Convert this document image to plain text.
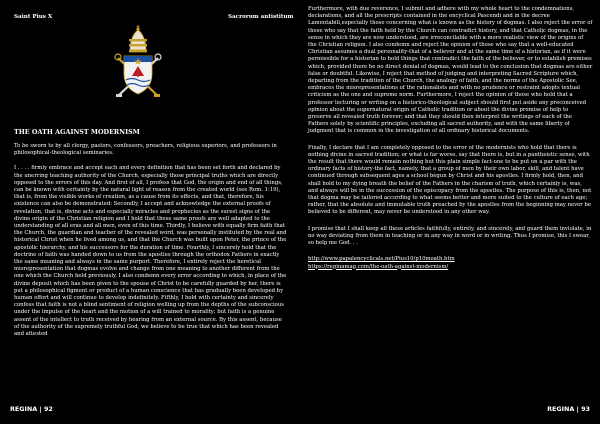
Saint Pius X	Sacrorum antistitum
THE OATH AGAINST MODERNISM

To be sworn to by all clergy, pastors, confessors, preachers, religious superiors, and professors in philosophical-theological seminaries.

I . . . . firmly embrace and accept each and every definition that has been set forth and declared by the unerring teaching authority of the Church, especially those principal truths which are directly opposed to the errors of this day. And first of all, I profess that God, the origin and end of all things, can be known with certainty by the natural light of reason from the created world (see Rom. 1:19), that is, from the visible works of creation, as a cause from its effects, and that, therefore, his existence can also be demonstrated: Secondly, I accept and acknowledge the external proofs of revelation, that is, divine acts and especially miracles and prophecies as the surest signs of the divine origin of the Christian religion and I hold that these same proofs are well adapted to the understanding of all eras and all men, even of this time. Thirdly, I believe with equally firm faith that the Church, the guardian and teacher of the revealed word, was personally instituted by the real and historical Christ when he lived among us, and that the Church was built upon Peter, the prince of the apostolic hierarchy, and his successors for the duration of time. Fourthly, I sincerely hold that the doctrine of faith was handed down to us from the apostles through the orthodox Fathers in exactly the same meaning and always in the same purport. Therefore, I entirely reject the heretical misrepresentation that dogmas evolve and change from one meaning to another different from the one which the Church held previously. I also condemn every error according to which, in place of the divine deposit which has been given to the spouse of Christ to be carefully guarded by her, there is put a philosophical figment or product of a human conscience that has gradually been developed by human effort and will continue to develop indefinitely. Fifthly, I hold with certainty and sincerely confess that faith is not a blind sentiment of religion welling up from the depths of the subconscious under the impulse of the heart and the motion of a will trained to morality; but faith is a genuine assent of the intellect to truth received by hearing from an external source. By this assent, because of the authority of the supremely truthful God, we believe to be true that which has been revealed and attested

REGINA | 92

Furthermore, with due reverence, I submit and adhere with my whole heart to the condemnations, declarations, and all the prescripts contained in the encyclical Pascendi and in the decree Lamentabili,especially those concerning what is known as the history of dogmas. I also reject the error of those who say that the faith held by the Church can contradict history, and that Catholic dogmas, in the sense in which they are now understood, are irreconcilable with a more realistic view of the origins of the Christian religion. I also condemn and reject the opinion of those who say that a well-educated Christian assumes a dual personality-that of a believer and at the same time of a historian, as if it were permissible for a historian to hold things that contradict the faith of the believer, or to establish premises which, provided there be no direct denial of dogmas, would lead to the conclusion that dogmas are either false or doubtful. Likewise, I reject that method of judging and interpreting Sacred Scripture which, departing from the tradition of the Church, the analogy of faith, and the norms of the Apostolic See, embraces the misrepresentations of the rationalists and with no prudence or restraint adopts textual criticism as the one and supreme norm. Furthermore, I reject the opinion of those who hold that a professor lecturing or writing on a historico-theological subject should first put aside any preconceived opinion about the supernatural origin of Catholic tradition or about the divine promise of help to preserve all revealed truth forever; and that they should then interpret the writings of each of the Fathers solely by scientific principles, excluding all sacred authority, and with the same liberty of judgment that is common in the investigation of all ordinary historical documents.

Finally, I declare that I am completely opposed to the error of the modernists who hold that there is nothing divine in sacred tradition; or what is far worse, say that there is, but in a pantheistic sense, with the result that there would remain nothing but this plain simple fact-one to be put on a par with the ordinary facts of history-the fact, namely, that a group of men by their own labor, skill, and talent have continued through subsequent ages a school begun by Christ and his apostles. I firmly hold, then, and shall hold to my dying breath the belief of the Fathers in the charism of truth, which certainly is, was, and always will be in the succession of the episcopacy from the apostles. The purpose of this is, then, not that dogma may be tailored according to what seems better and more suited to the culture of each age; rather, that the absolute and immutable truth preached by the apostles from the beginning may never be believed to be different, may never be understood in any other way.

I promise that I shall keep all these articles faithfully, entirely, and sincerely, and guard them inviolate, in no way deviating from them in teaching or in any way in word or in writing. Thus I promise, this I swear, so help me God. . .

http://www.papalencyclicals.net/Pius10/p10moath.htm
https://reginamag.com/the-oath-against-modernism/
REGINA | 93
